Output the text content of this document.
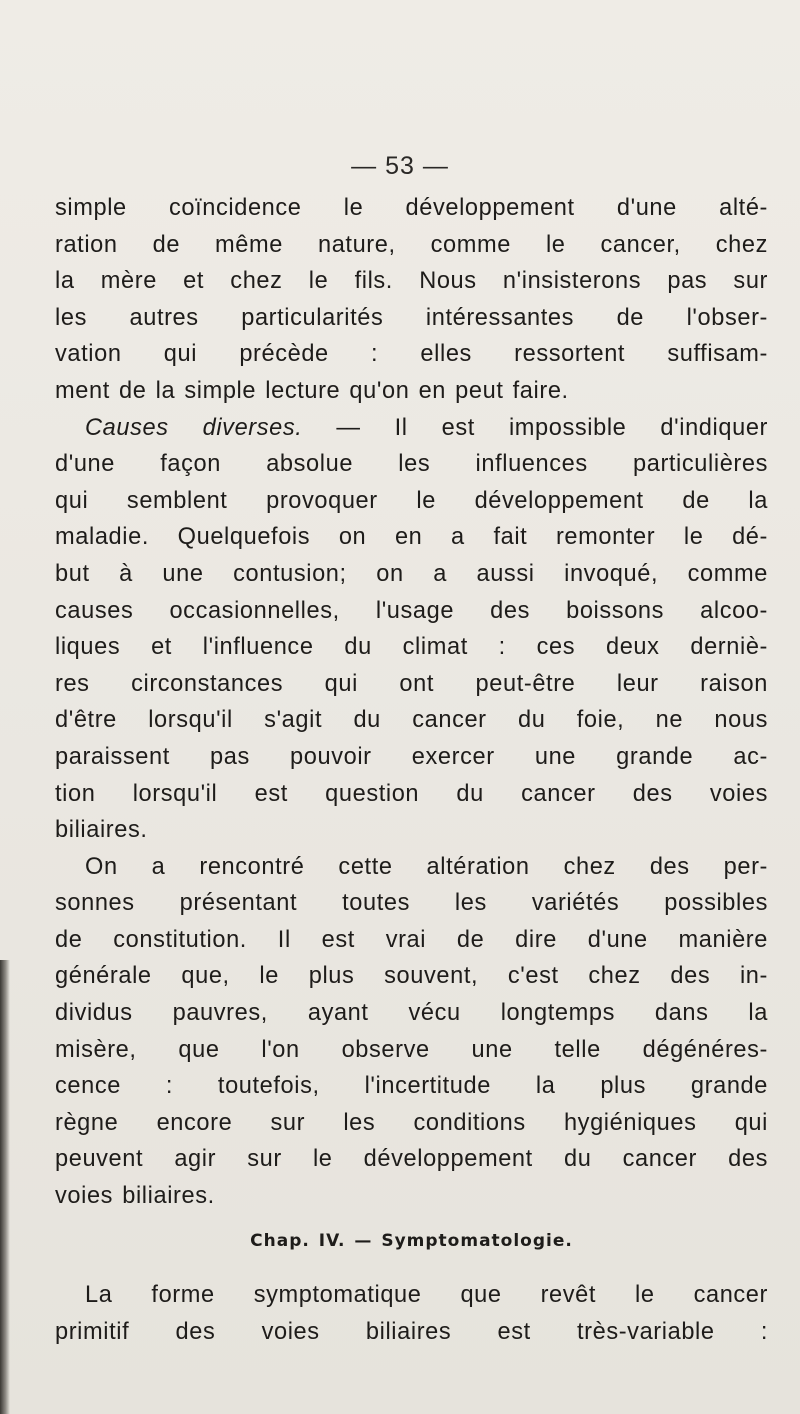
— 53 —
simple coïncidence le développement d'une alté-
ration de même nature, comme le cancer, chez
la mère et chez le fils. Nous n'insisterons pas sur
les autres particularités intéressantes de l'obser-
vation qui précède : elles ressortent suffisam-
ment de la simple lecture qu'on en peut faire.
Causes diverses. — Il est impossible d'indiquer
d'une façon absolue les influences particulières
qui semblent provoquer le développement de la
maladie. Quelquefois on en a fait remonter le dé-
but à une contusion; on a aussi invoqué, comme
causes occasionnelles, l'usage des boissons alcoo-
liques et l'influence du climat : ces deux derniè-
res circonstances qui ont peut-être leur raison
d'être lorsqu'il s'agit du cancer du foie, ne nous
paraissent pas pouvoir exercer une grande ac-
tion lorsqu'il est question du cancer des voies
biliaires.
On a rencontré cette altération chez des per-
sonnes présentant toutes les variétés possibles
de constitution. Il est vrai de dire d'une manière
générale que, le plus souvent, c'est chez des in-
dividus pauvres, ayant vécu longtemps dans la
misère, que l'on observe une telle dégénéres-
cence : toutefois, l'incertitude la plus grande
règne encore sur les conditions hygiéniques qui
peuvent agir sur le développement du cancer des
voies biliaires.
Chap. IV. — Symptomatologie.
La forme symptomatique que revêt le cancer
primitif des voies biliaires est très-variable :
